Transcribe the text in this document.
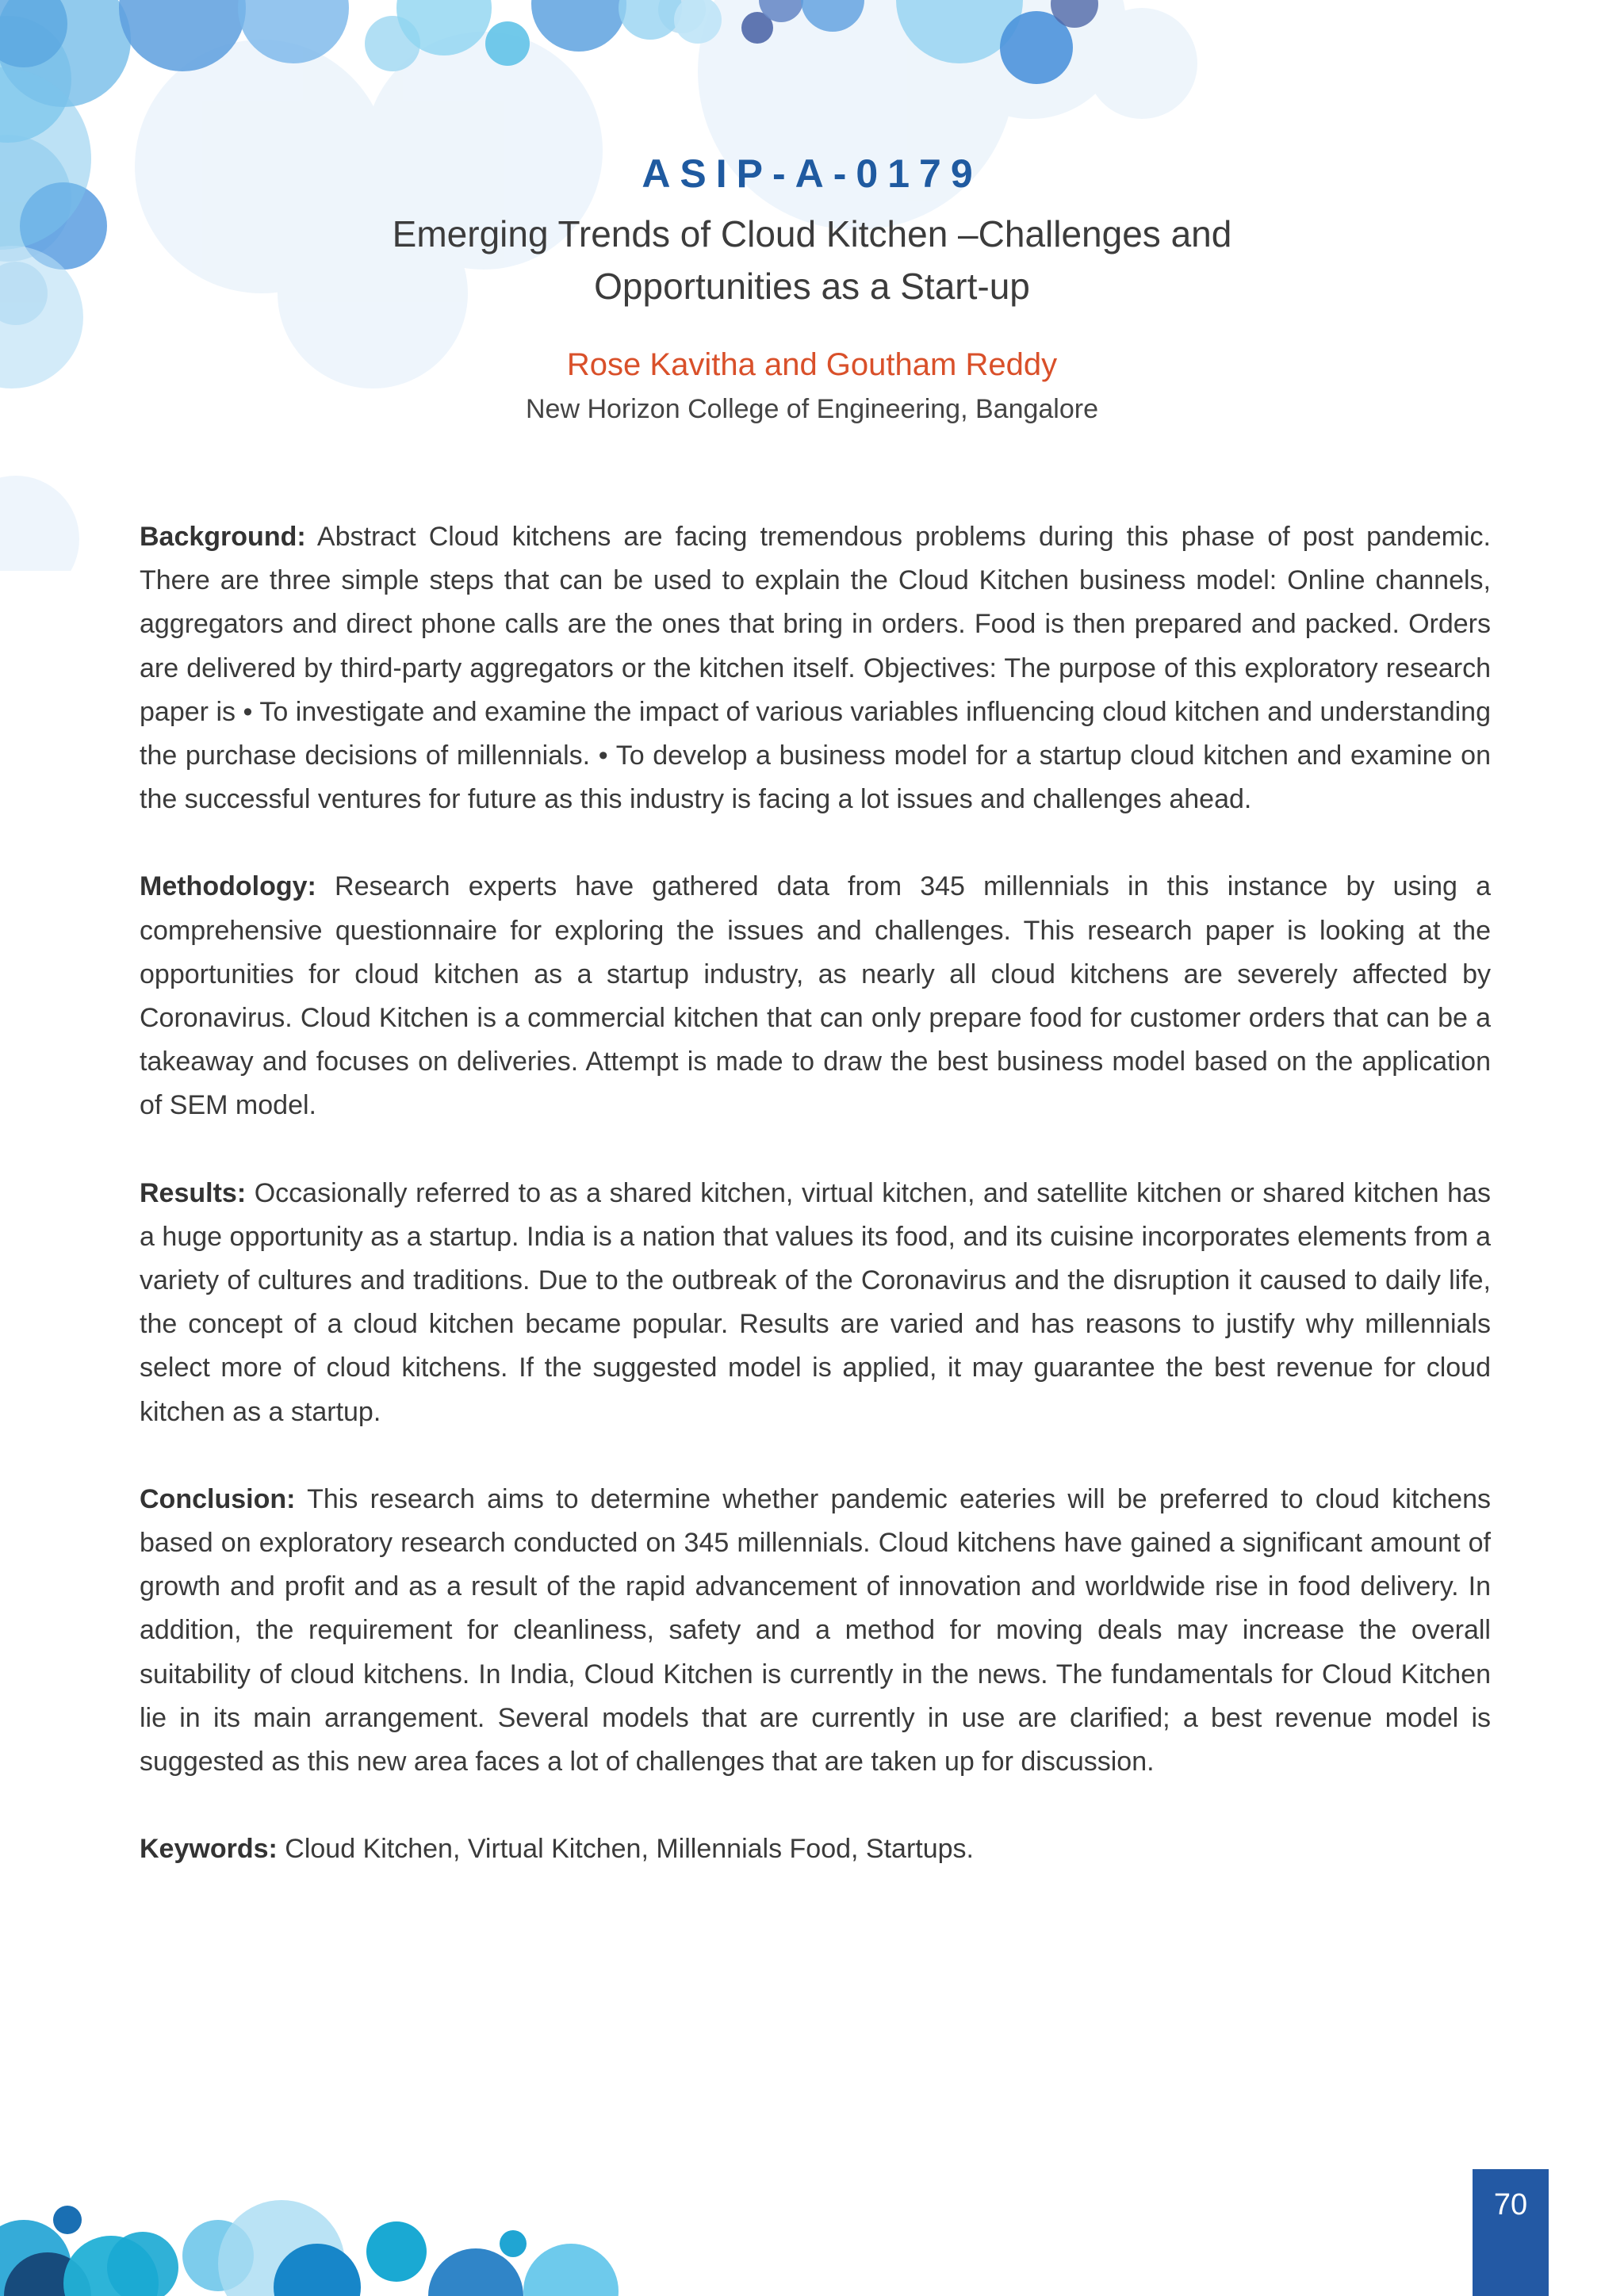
ASIP-A-0179
Emerging Trends of Cloud Kitchen –Challenges and
Opportunities as a Start-up
Rose Kavitha and Goutham Reddy
New Horizon College of Engineering, Bangalore

Background: Abstract Cloud kitchens are facing tremendous problems during this phase of post pandemic. There are three simple steps that can be used to explain the Cloud Kitchen business model: Online channels, aggregators and direct phone calls are the ones that bring in orders. Food is then prepared and packed. Orders are delivered by third-party aggregators or the kitchen itself. Objectives: The purpose of this exploratory research paper is • To investigate and examine the impact of various variables influencing cloud kitchen and understanding the purchase decisions of millennials. • To develop a business model for a startup cloud kitchen and examine on the successful ventures for future as this industry is facing a lot issues and challenges ahead.

Methodology: Research experts have gathered data from 345 millennials in this instance by using a comprehensive questionnaire for exploring the issues and challenges. This research paper is looking at the opportunities for cloud kitchen as a startup industry, as nearly all cloud kitchens are severely affected by Coronavirus. Cloud Kitchen is a commercial kitchen that can only prepare food for customer orders that can be a takeaway and focuses on deliveries. Attempt is made to draw the best business model based on the application of SEM model.

Results: Occasionally referred to as a shared kitchen, virtual kitchen, and satellite kitchen or shared kitchen has a huge opportunity as a startup. India is a nation that values its food, and its cuisine incorporates elements from a variety of cultures and traditions. Due to the outbreak of the Coronavirus and the disruption it caused to daily life, the concept of a cloud kitchen became popular. Results are varied and has reasons to justify why millennials select more of cloud kitchens. If the suggested model is applied, it may guarantee the best revenue for cloud kitchen as a startup.

Conclusion: This research aims to determine whether pandemic eateries will be preferred to cloud kitchens based on exploratory research conducted on 345 millennials. Cloud kitchens have gained a significant amount of growth and profit and as a result of the rapid advancement of innovation and worldwide rise in food delivery. In addition, the requirement for cleanliness, safety and a method for moving deals may increase the overall suitability of cloud kitchens. In India, Cloud Kitchen is currently in the news. The fundamentals for Cloud Kitchen lie in its main arrangement. Several models that are currently in use are clarified; a best revenue model is suggested as this new area faces a lot of challenges that are taken up for discussion.

Keywords: Cloud Kitchen, Virtual Kitchen, Millennials Food, Startups.

70
